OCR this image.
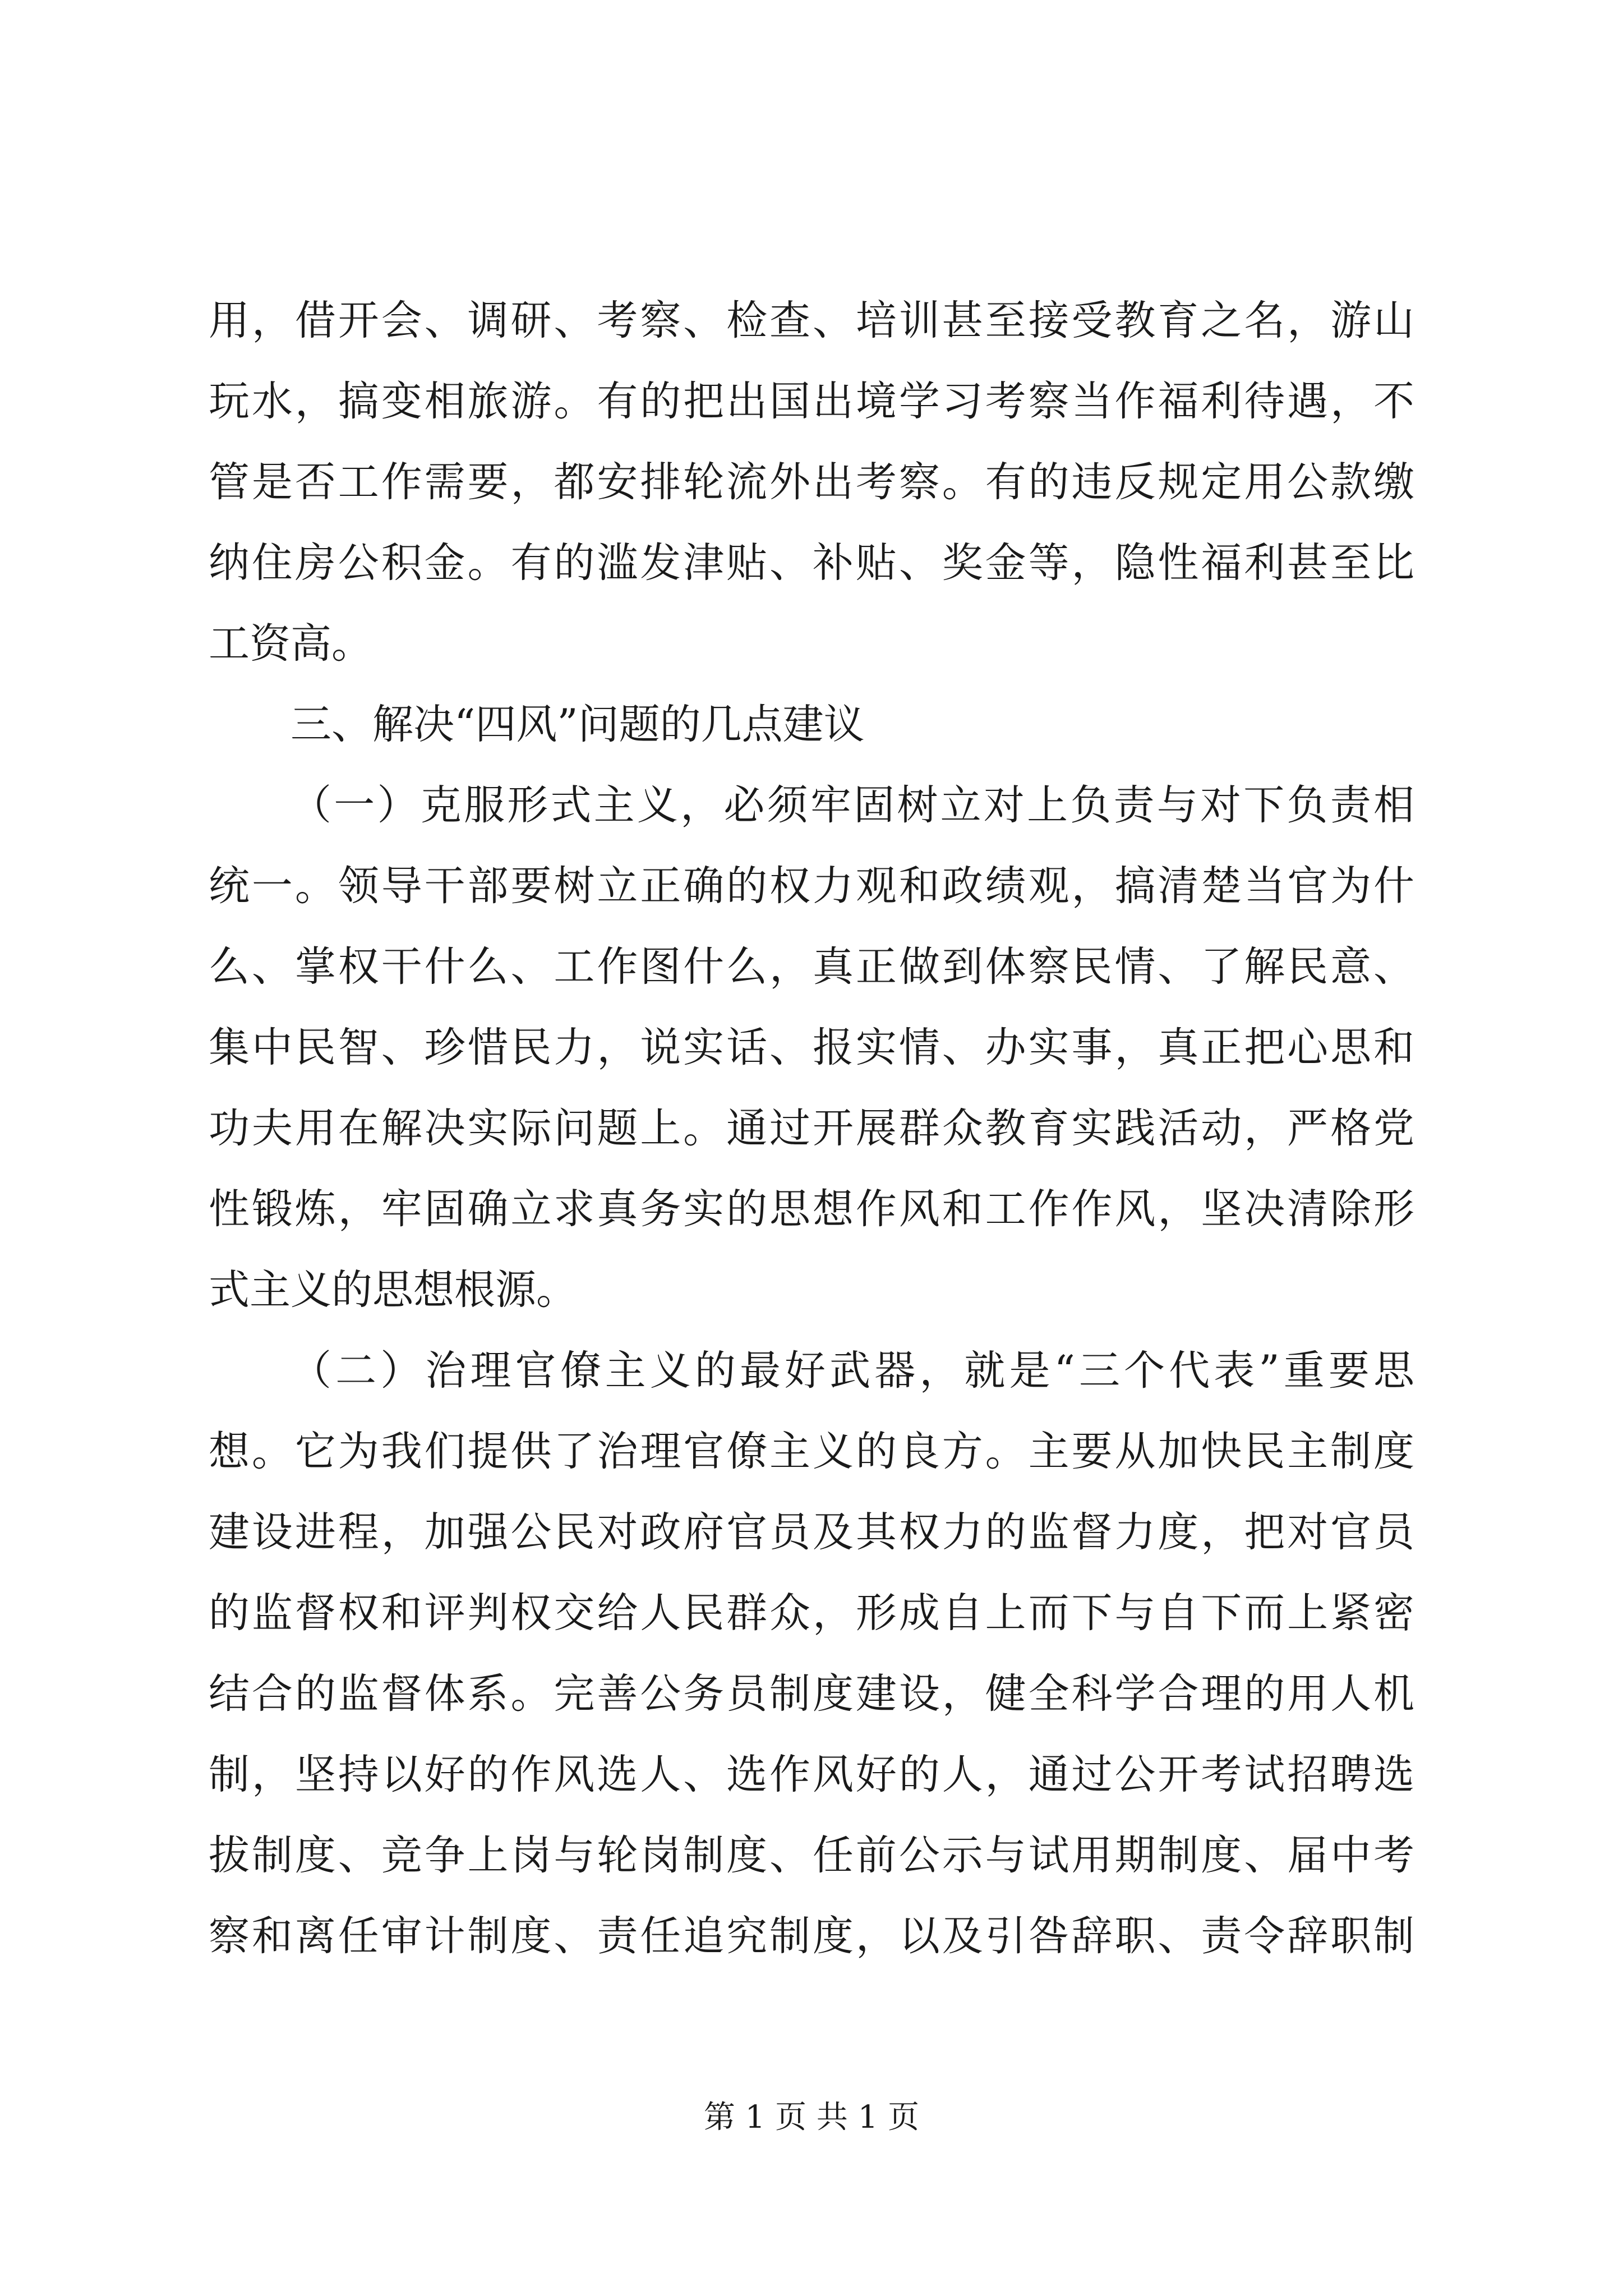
用，借开会、调研、考察、检查、培训甚至接受教育之名，游山
玩水，搞变相旅游。有的把出国出境学习考察当作福利待遇，不
管是否工作需要，都安排轮流外出考察。有的违反规定用公款缴
纳住房公积金。有的滥发津贴、补贴、奖金等，隐性福利甚至比
工资高。
三、解决“四风”问题的几点建议
（一）克服形式主义，必须牢固树立对上负责与对下负责相
统一。领导干部要树立正确的权力观和政绩观，搞清楚当官为什
么、掌权干什么、工作图什么，真正做到体察民情、了解民意、
集中民智、珍惜民力，说实话、报实情、办实事，真正把心思和
功夫用在解决实际问题上。通过开展群众教育实践活动，严格党
性锻炼，牢固确立求真务实的思想作风和工作作风，坚决清除形
式主义的思想根源。
（二）治理官僚主义的最好武器，就是“三个代表”重要思
想。它为我们提供了治理官僚主义的良方。主要从加快民主制度
建设进程，加强公民对政府官员及其权力的监督力度，把对官员
的监督权和评判权交给人民群众，形成自上而下与自下而上紧密
结合的监督体系。完善公务员制度建设，健全科学合理的用人机
制，坚持以好的作风选人、选作风好的人，通过公开考试招聘选
拔制度、竞争上岗与轮岗制度、任前公示与试用期制度、届中考
察和离任审计制度、责任追究制度，以及引咎辞职、责令辞职制
第 1 页 共 1 页
